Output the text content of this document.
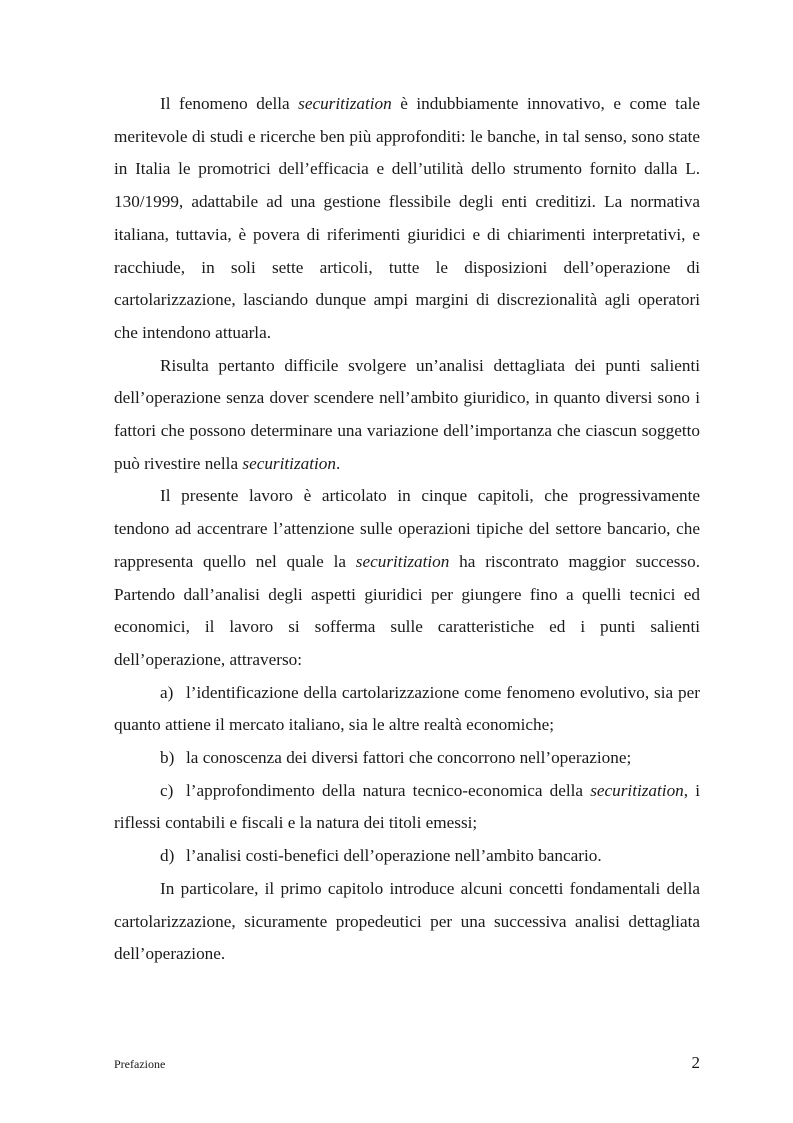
Il fenomeno della securitization è indubbiamente innovativo, e come tale meritevole di studi e ricerche ben più approfonditi: le banche, in tal senso, sono state in Italia le promotrici dell’efficacia e dell’utilità dello strumento fornito dalla L. 130/1999, adattabile ad una gestione flessibile degli enti creditizi. La normativa italiana, tuttavia, è povera di riferimenti giuridici e di chiarimenti interpretativi, e racchiude, in soli sette articoli, tutte le disposizioni dell’operazione di cartolarizzazione, lasciando dunque ampi margini di discrezionalità agli operatori che intendono attuarla.

Risulta pertanto difficile svolgere un’analisi dettagliata dei punti salienti dell’operazione senza dover scendere nell’ambito giuridico, in quanto diversi sono i fattori che possono determinare una variazione dell’importanza che ciascun soggetto può rivestire nella securitization.

Il presente lavoro è articolato in cinque capitoli, che progressivamente tendono ad accentrare l’attenzione sulle operazioni tipiche del settore bancario, che rappresenta quello nel quale la securitization ha riscontrato maggior successo. Partendo dall’analisi degli aspetti giuridici per giungere fino a quelli tecnici ed economici, il lavoro si sofferma sulle caratteristiche ed i punti salienti dell’operazione, attraverso:

a) l’identificazione della cartolarizzazione come fenomeno evolutivo, sia per quanto attiene il mercato italiano, sia le altre realtà economiche;

b) la conoscenza dei diversi fattori che concorrono nell’operazione;

c) l’approfondimento della natura tecnico-economica della securitization, i riflessi contabili e fiscali e la natura dei titoli emessi;

d) l’analisi costi-benefici dell’operazione nell’ambito bancario.

In particolare, il primo capitolo introduce alcuni concetti fondamentali della cartolarizzazione, sicuramente propedeutici per una successiva analisi dettagliata dell’operazione.

Prefazione	2
